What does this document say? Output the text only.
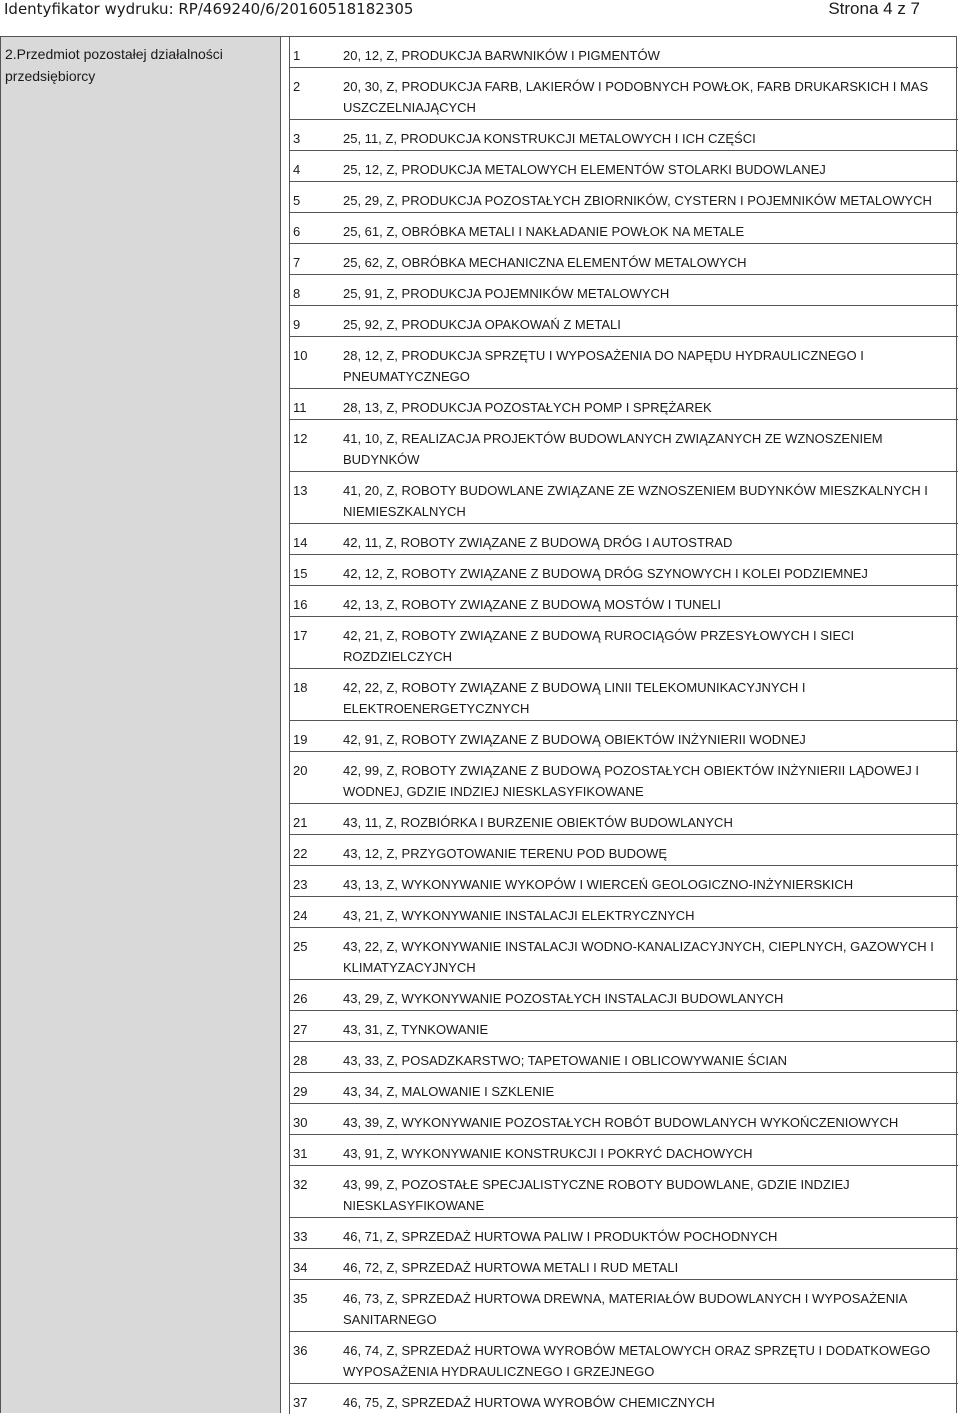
Identyfikator wydruku: RP/469240/6/20160518182305	Strona 4 z 7
2.Przedmiot pozostałej działalności przedsiębiorcy
1	20, 12, Z, PRODUKCJA BARWNIKÓW I PIGMENTÓW
2	20, 30, Z, PRODUKCJA FARB, LAKIERÓW I PODOBNYCH POWŁOK, FARB DRUKARSKICH I MAS USZCZELNIAJĄCYCH
3	25, 11, Z, PRODUKCJA KONSTRUKCJI METALOWYCH I ICH CZĘŚCI
4	25, 12, Z, PRODUKCJA METALOWYCH ELEMENTÓW STOLARKI BUDOWLANEJ
5	25, 29, Z, PRODUKCJA POZOSTAŁYCH ZBIORNIKÓW, CYSTERN I POJEMNIKÓW METALOWYCH
6	25, 61, Z, OBRÓBKA METALI I NAKŁADANIE POWŁOK NA METALE
7	25, 62, Z, OBRÓBKA MECHANICZNA ELEMENTÓW METALOWYCH
8	25, 91, Z, PRODUKCJA POJEMNIKÓW METALOWYCH
9	25, 92, Z, PRODUKCJA OPAKOWAŃ Z METALI
10	28, 12, Z, PRODUKCJA SPRZĘTU I WYPOSAŻENIA DO NAPĘDU HYDRAULICZNEGO I PNEUMATYCZNEGO
11	28, 13, Z, PRODUKCJA POZOSTAŁYCH POMP I SPRĘŻAREK
12	41, 10, Z, REALIZACJA PROJEKTÓW BUDOWLANYCH ZWIĄZANYCH ZE WZNOSZENIEM BUDYNKÓW
13	41, 20, Z, ROBOTY BUDOWLANE ZWIĄZANE ZE WZNOSZENIEM BUDYNKÓW MIESZKALNYCH I NIEMIESZKALNYCH
14	42, 11, Z, ROBOTY ZWIĄZANE Z BUDOWĄ DRÓG I AUTOSTRAD
15	42, 12, Z, ROBOTY ZWIĄZANE Z BUDOWĄ DRÓG SZYNOWYCH I KOLEI PODZIEMNEJ
16	42, 13, Z, ROBOTY ZWIĄZANE Z BUDOWĄ MOSTÓW I TUNELI
17	42, 21, Z, ROBOTY ZWIĄZANE Z BUDOWĄ RUROCIĄGÓW PRZESYŁOWYCH I SIECI ROZDZIELCZYCH
18	42, 22, Z, ROBOTY ZWIĄZANE Z BUDOWĄ LINII TELEKOMUNIKACYJNYCH I ELEKTROENERGETYCZNYCH
19	42, 91, Z, ROBOTY ZWIĄZANE Z BUDOWĄ OBIEKTÓW INŻYNIERII WODNEJ
20	42, 99, Z, ROBOTY ZWIĄZANE Z BUDOWĄ POZOSTAŁYCH OBIEKTÓW INŻYNIERII LĄDOWEJ I WODNEJ, GDZIE INDZIEJ NIESKLASYFIKOWANE
21	43, 11, Z, ROZBIÓRKA I BURZENIE OBIEKTÓW BUDOWLANYCH
22	43, 12, Z, PRZYGOTOWANIE TERENU POD BUDOWĘ
23	43, 13, Z, WYKONYWANIE WYKOPÓW I WIERCEŃ GEOLOGICZNO-INŻYNIERSKICH
24	43, 21, Z, WYKONYWANIE INSTALACJI ELEKTRYCZNYCH
25	43, 22, Z, WYKONYWANIE INSTALACJI WODNO-KANALIZACYJNYCH, CIEPLNYCH, GAZOWYCH I KLIMATYZACYJNYCH
26	43, 29, Z, WYKONYWANIE POZOSTAŁYCH INSTALACJI BUDOWLANYCH
27	43, 31, Z, TYNKOWANIE
28	43, 33, Z, POSADZKARSTWO; TAPETOWANIE I OBLICOWYWANIE ŚCIAN
29	43, 34, Z, MALOWANIE I SZKLENIE
30	43, 39, Z, WYKONYWANIE POZOSTAŁYCH ROBÓT BUDOWLANYCH WYKOŃCZENIOWYCH
31	43, 91, Z, WYKONYWANIE KONSTRUKCJI I POKRYĆ DACHOWYCH
32	43, 99, Z, POZOSTAŁE SPECJALISTYCZNE ROBOTY BUDOWLANE, GDZIE INDZIEJ NIESKLASYFIKOWANE
33	46, 71, Z, SPRZEDAŻ HURTOWA PALIW I PRODUKTÓW POCHODNYCH
34	46, 72, Z, SPRZEDAŻ HURTOWA METALI I RUD METALI
35	46, 73, Z, SPRZEDAŻ HURTOWA DREWNA, MATERIAŁÓW BUDOWLANYCH I WYPOSAŻENIA SANITARNEGO
36	46, 74, Z, SPRZEDAŻ HURTOWA WYROBÓW METALOWYCH ORAZ SPRZĘTU I DODATKOWEGO WYPOSAŻENIA HYDRAULICZNEGO I GRZEJNEGO
37	46, 75, Z, SPRZEDAŻ HURTOWA WYROBÓW CHEMICZNYCH
